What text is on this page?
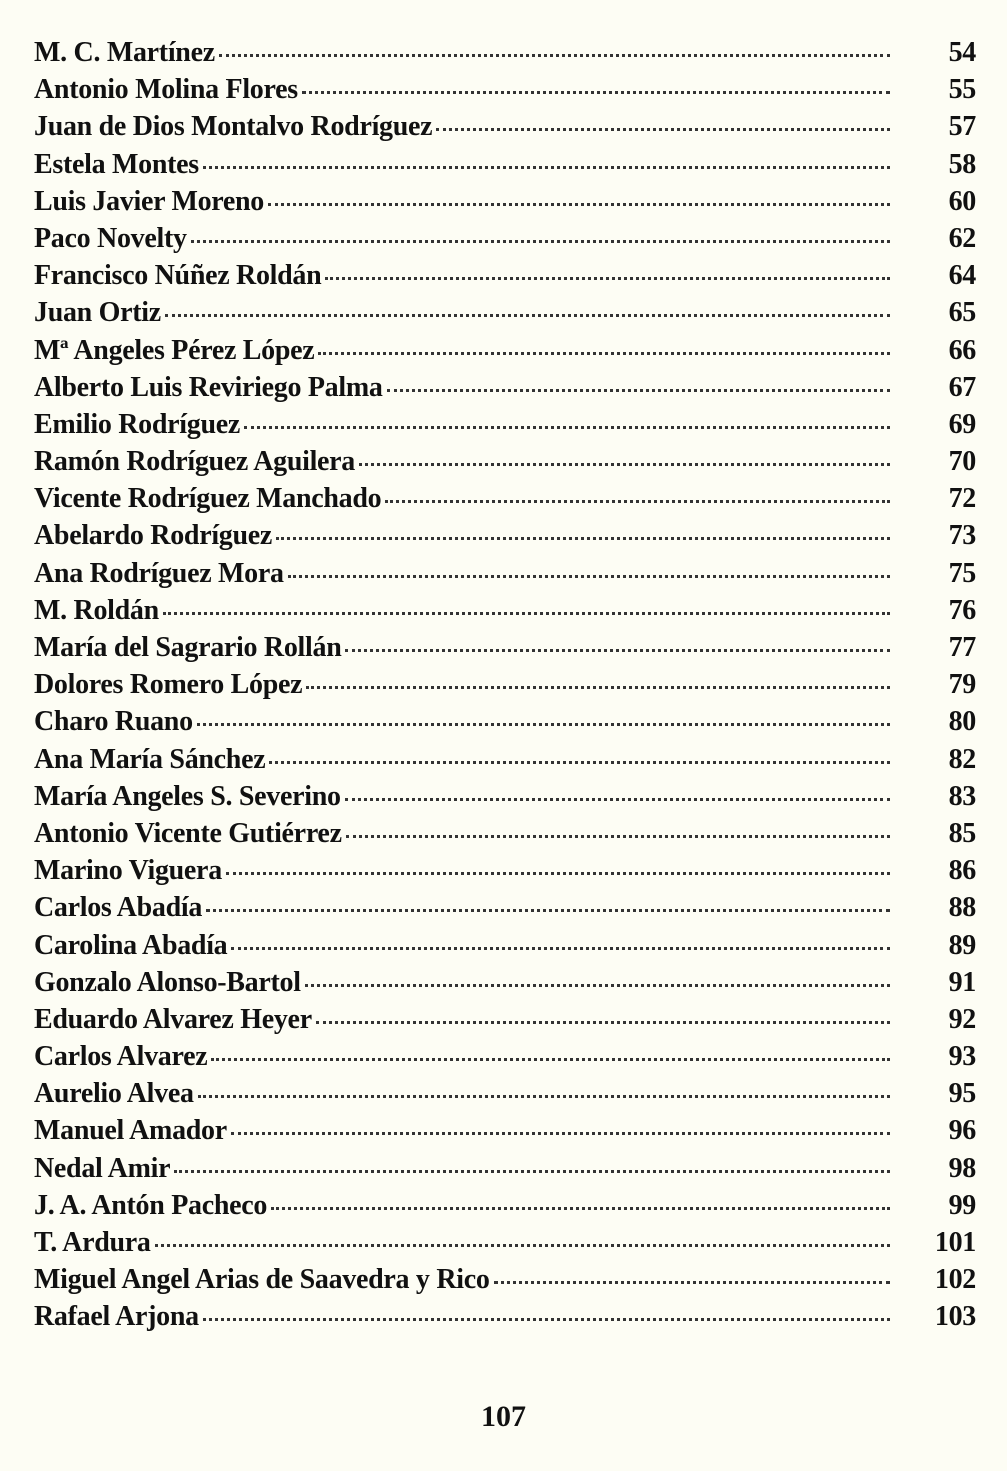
M. C. Martínez	54
Antonio Molina Flores	55
Juan de Dios Montalvo Rodríguez	57
Estela Montes	58
Luis Javier Moreno	60
Paco Novelty	62
Francisco Núñez Roldán	64
Juan Ortiz	65
Mª Angeles Pérez López	66
Alberto Luis Reviriego Palma	67
Emilio Rodríguez	69
Ramón Rodríguez Aguilera	70
Vicente Rodríguez Manchado	72
Abelardo Rodríguez	73
Ana Rodríguez Mora	75
M. Roldán	76
María del Sagrario Rollán	77
Dolores Romero López	79
Charo Ruano	80
Ana María Sánchez	82
María Angeles S. Severino	83
Antonio Vicente Gutiérrez	85
Marino Viguera	86
Carlos Abadía	88
Carolina Abadía	89
Gonzalo Alonso-Bartol	91
Eduardo Alvarez Heyer	92
Carlos Alvarez	93
Aurelio Alvea	95
Manuel Amador	96
Nedal Amir	98
J. A. Antón Pacheco	99
T. Ardura	101
Miguel Angel Arias de Saavedra y Rico	102
Rafael Arjona	103
107
